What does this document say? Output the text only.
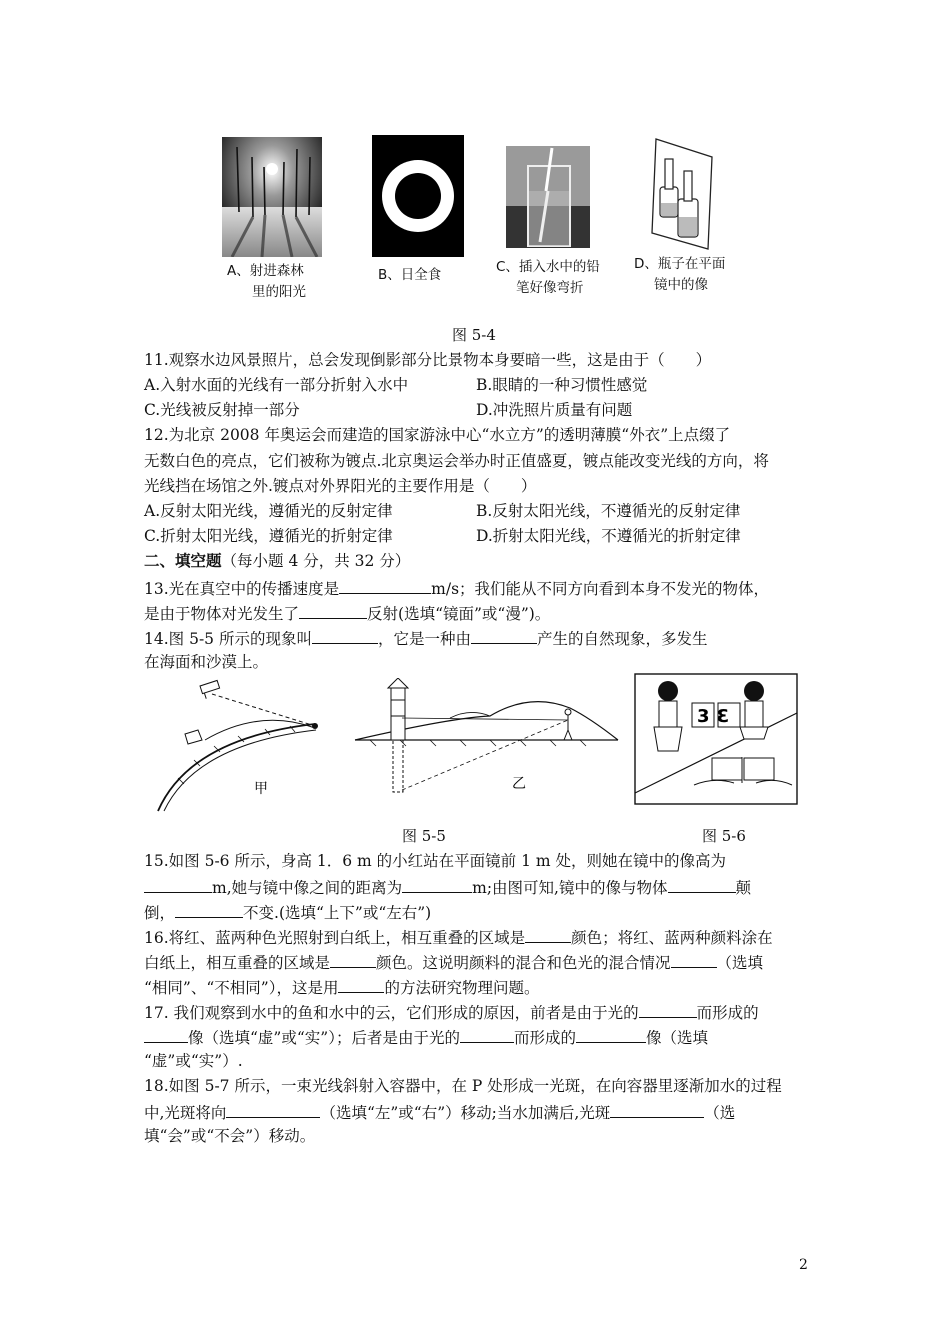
A、射进森林
里的阳光
B、日全食	C、插入水中的铅
笔好像弯折
D、瓶子在平面
镜中的像
图 5-4
11.观察水边风景照片，总会发现倒影部分比景物本身要暗一些，这是由于（　　）
A.入射水面的光线有一部分折射入水中	B.眼睛的一种习惯性感觉
C.光线被反射掉一部分	D.冲洗照片质量有问题
12.为北京 2008 年奥运会而建造的国家游泳中心“水立方”的透明薄膜“外衣”上点缀了
无数白色的亮点，它们被称为镀点.北京奥运会举办时正值盛夏，镀点能改变光线的方向，将
光线挡在场馆之外.镀点对外界阳光的主要作用是（　　）
A.反射太阳光线，遵循光的反射定律	B.反射太阳光线，不遵循光的反射定律
C.折射太阳光线，遵循光的折射定律	D.折射太阳光线，不遵循光的折射定律
二、填空题（每小题 4 分，共 32 分）
13.光在真空中的传播速度是	m/s；我们能从不同方向看到本身不发光的物体，
是由于物体对光发生了	反射(选填“镜面”或“漫”)。
14.图 5-5 所示的现象叫	，它是一种由	产生的自然现象，多发生
在海面和沙漠上。
甲	乙
3 3
图 5-5	图 5-6
15.如图 5-6 所示，身高 1．6 m 的小红站在平面镜前 1 m 处，则她在镜中的像高为
m,她与镜中像之间的距离为	m;由图可知,镜中的像与物体	颠
倒，	不变.(选填“上下”或“左右”)
16.将红、蓝两种色光照射到白纸上，相互重叠的区域是	颜色；将红、蓝两种颜料涂在
白纸上，相互重叠的区域是	颜色。这说明颜料的混合和色光的混合情况	（选填
“相同”、“不相同”），这是用	的方法研究物理问题。
17. 我们观察到水中的鱼和水中的云，它们形成的原因，前者是由于光的	而形成的
像（选填“虚”或“实”）；后者是由于光的	而形成的	像（选填
“虚”或“实”）.
18.如图 5-7 所示，一束光线斜射入容器中，在 P 处形成一光斑，在向容器里逐渐加水的过程
中,光斑将向	（选填“左”或“右”）移动;当水加满后,光斑	（选
填“会”或“不会”）移动。
2
